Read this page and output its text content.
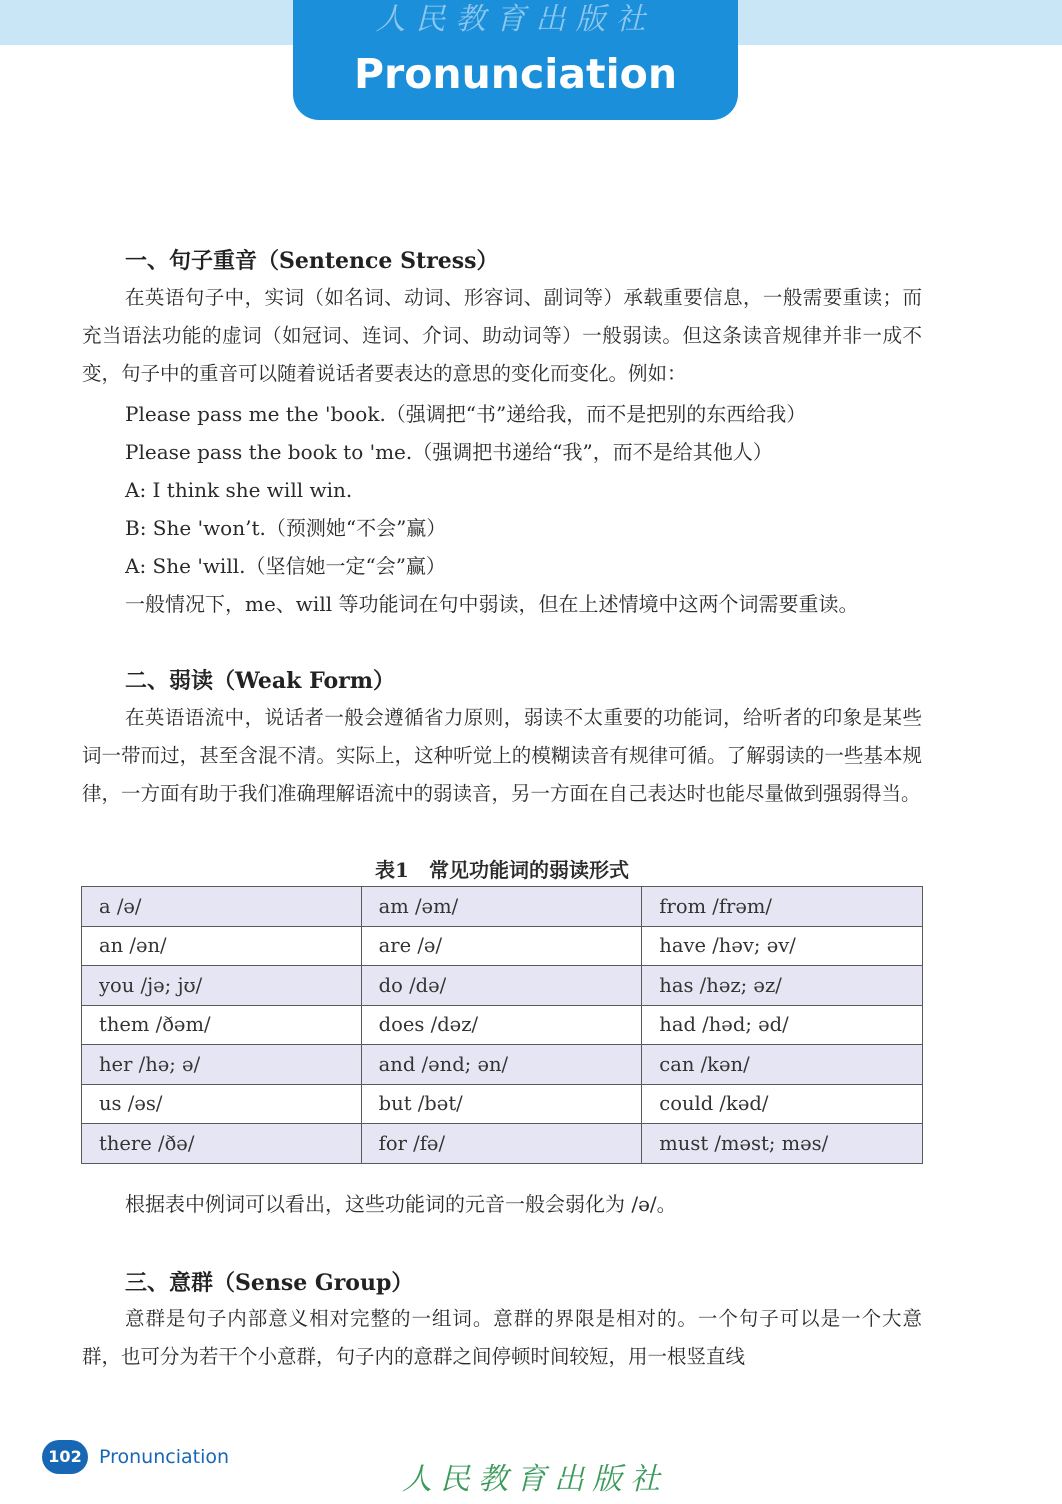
人民教育出版社
Pronunciation
一、句子重音（Sentence Stress）

在英语句子中，实词（如名词、动词、形容词、副词等）承载重要信息，一般需要重读；而充当语法功能的虚词（如冠词、连词、介词、助动词等）一般弱读。但这条读音规律并非一成不变，句子中的重音可以随着说话者要表达的意思的变化而变化。例如：

Please pass me the 'book.（强调把“书”递给我，而不是把别的东西给我）
Please pass the book to 'me.（强调把书递给“我”，而不是给其他人）
A: I think she will win.
B: She 'won’t.（预测她“不会”赢）
A: She 'will.（坚信她一定“会”赢）
一般情况下，me、will 等功能词在句中弱读，但在上述情境中这两个词需要重读。
二、弱读（Weak Form）

在英语语流中，说话者一般会遵循省力原则，弱读不太重要的功能词，给听者的印象是某些词一带而过，甚至含混不清。实际上，这种听觉上的模糊读音有规律可循。了解弱读的一些基本规律，一方面有助于我们准确理解语流中的弱读音，另一方面在自己表达时也能尽量做到强弱得当。

表1　常见功能词的弱读形式
a /ə/	am /əm/	from /frəm/
an /ən/	are /ə/	have /həv; əv/
you /jə; jʊ/	do /də/	has /həz; əz/
them /ðəm/	does /dəz/	had /həd; əd/
her /hə; ə/	and /ənd; ən/	can /kən/
us /əs/	but /bət/	could /kəd/
there /ðə/	for /fə/	must /məst; məs/
根据表中例词可以看出，这些功能词的元音一般会弱化为 /ə/。
三、意群（Sense Group）

意群是句子内部意义相对完整的一组词。意群的界限是相对的。一个句子可以是一个大意群，也可分为若干个小意群，句子内的意群之间停顿时间较短，用一根竖直线

102 Pronunciation
人民教育出版社
